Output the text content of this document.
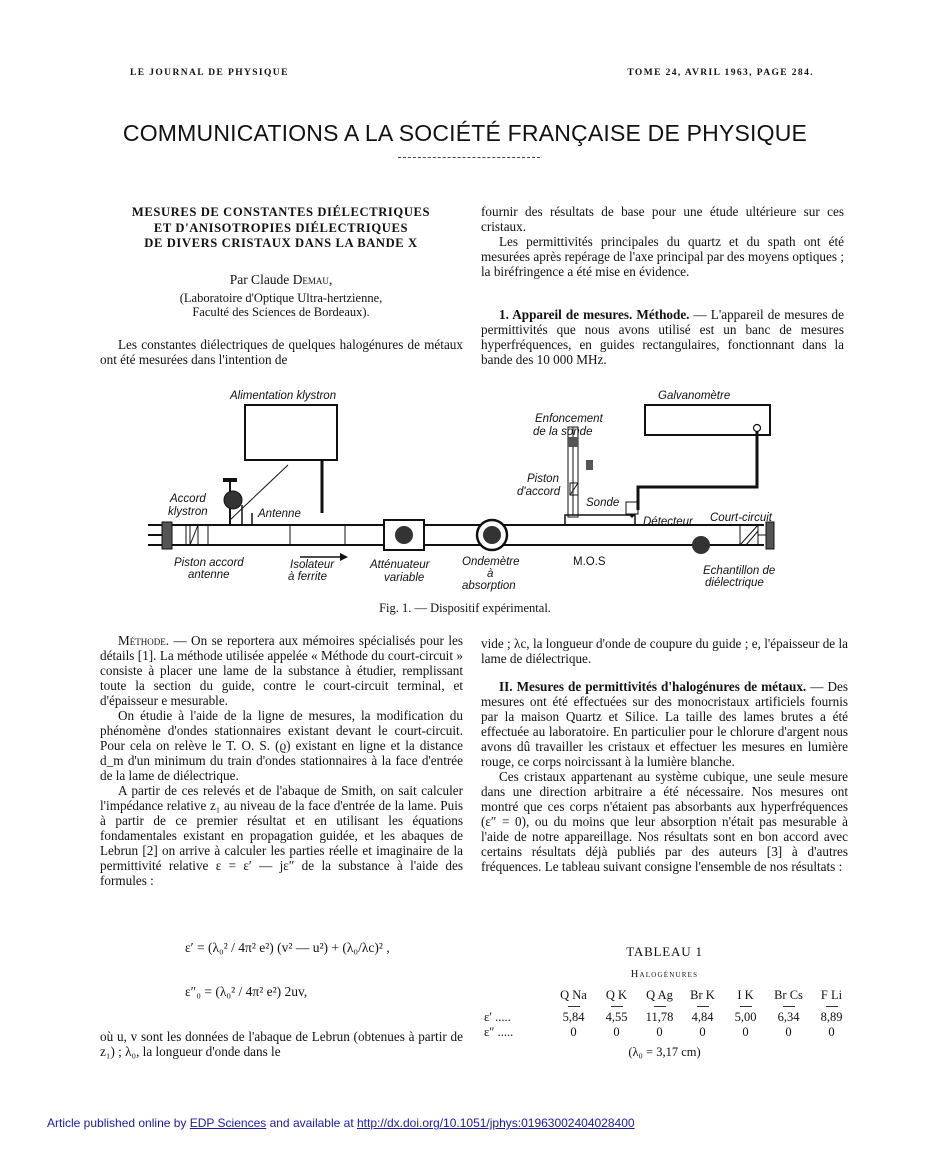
LE JOURNAL DE PHYSIQUE	TOME 24, AVRIL 1963, PAGE 284.
COMMUNICATIONS A LA SOCIÉTÉ FRANÇAISE DE PHYSIQUE
MESURES DE CONSTANTES DIÉLECTRIQUES
ET D'ANISOTROPIES DIÉLECTRIQUES
DE DIVERS CRISTAUX DANS LA BANDE X
Par Claude Demau,
(Laboratoire d'Optique Ultra-hertzienne,
Faculté des Sciences de Bordeaux).

Les constantes diélectriques de quelques halogénures de métaux ont été mesurées dans l'intention de

fournir des résultats de base pour une étude ultérieure sur ces cristaux.

Les permittivités principales du quartz et du spath ont été mesurées après repérage de l'axe principal par des moyens optiques ; la biréfringence a été mise en évidence.

1. Appareil de mesures. Méthode. — L'appareil de mesures de permittivités que nous avons utilisé est un banc de mesures hyperfréquences, en guides rectangulaires, fonctionnant dans la bande des 10 000 MHz.

Alimentation klystron	Galvanomètre
Enfoncement
de la sonde
Piston
d'accord
Sonde
Accord
klystron	Antenne
Détecteur Court-circuit
Piston accord
antenne
Isolateur
à ferrite
Atténuateur
variable
Ondemètre
à
absorption
M.O.S
Echantillon de
diélectrique
Fig. 1. — Dispositif expérimental.

Méthode. — On se reportera aux mémoires spécialisés pour les détails [1]. La méthode utilisée appelée « Méthode du court-circuit » consiste à placer une lame de la substance à étudier, remplissant toute la section du guide, contre le court-circuit terminal, et d'épaisseur e mesurable.

On étudie à l'aide de la ligne de mesures, la modification du phénomène d'ondes stationnaires existant devant le court-circuit. Pour cela on relève le T. O. S. (ϱ) existant en ligne et la distance d_m d'un minimum du train d'ondes stationnaires à la face d'entrée de la lame de diélectrique.

A partir de ces relevés et de l'abaque de Smith, on sait calculer l'impédance relative z₁ au niveau de la face d'entrée de la lame. Puis à partir de ce premier résultat et en utilisant les équations fondamentales existant en propagation guidée, et les abaques de Lebrun [2] on arrive à calculer les parties réelle et imaginaire de la permittivité relative ε = ε′ — jε″ de la substance à l'aide des formules :

ε′ = (λ₀² / 4π² e²) (v² — u²) + (λ₀/λc)² ,
ε″₀ = (λ₀² / 4π² e²) 2uv,

où u, v sont les données de l'abaque de Lebrun (obtenues à partir de z₁) ; λ₀, la longueur d'onde dans le

vide ; λc, la longueur d'onde de coupure du guide ; e, l'épaisseur de la lame de diélectrique.

II. Mesures de permittivités d'halogénures de métaux. — Des mesures ont été effectuées sur des monocristaux artificiels fournis par la maison Quartz et Silice. La taille des lames brutes a été effectuée au laboratoire. En particulier pour le chlorure d'argent nous avons dû travailler les cristaux et effectuer les mesures en lumière rouge, ce corps noircissant à la lumière blanche.

Ces cristaux appartenant au système cubique, une seule mesure dans une direction arbitraire a été nécessaire. Nos mesures ont montré que ces corps n'étaient pas absorbants aux hyperfréquences (ε″ = 0), ou du moins que leur absorption n'était pas mesurable à l'aide de notre appareillage. Nos résultats sont en bon accord avec certains résultats déjà publiés par des auteurs [3] à d'autres fréquences. Le tableau suivant consigne l'ensemble de nos résultats :

TABLEAU 1
Halogénures
	Q Na	Q K	Q Ag	Br K	I K	Br Cs	F Li

ε′ .....	5,84	4,55	11,78	4,84	5,00	6,34	8,89
ε″ .....	0	0	0	0	0	0	0
(λ₀ = 3,17 cm)
Article published online by EDP Sciences and available at http://dx.doi.org/10.1051/jphys:01963002404028400
